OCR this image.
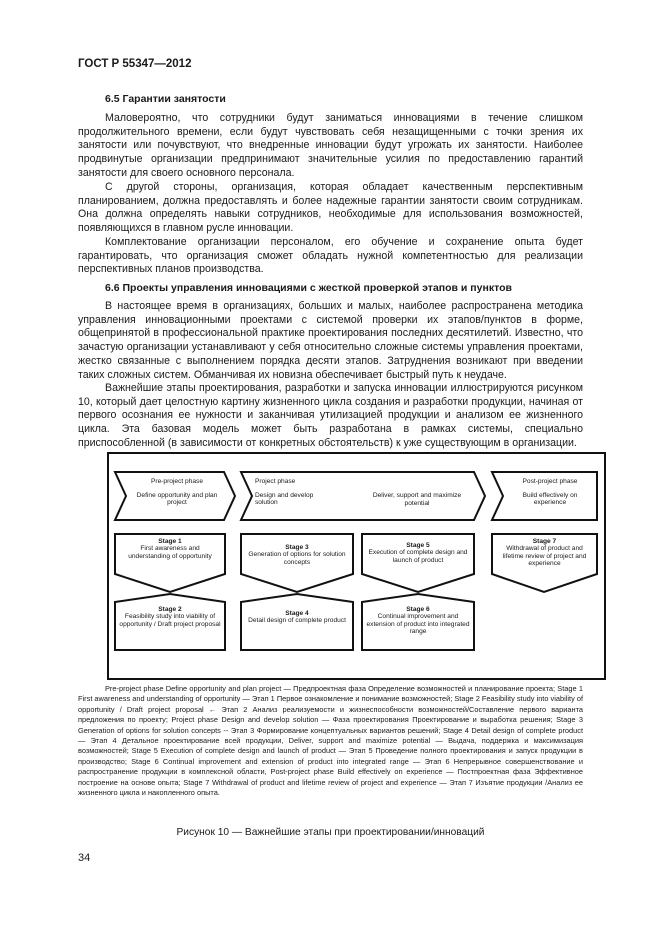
ГОСТ Р 55347—2012
6.5 Гарантии занятости

Маловероятно, что сотрудники будут заниматься инновациями в течение слишком продолжительного времени, если будут чувствовать себя незащищенными с точки зрения их занятости или почувствуют, что внедренные инновации будут угрожать их занятости. Наиболее продвинутые организации предпринимают значительные усилия по предоставлению гарантий занятости для своего основного персонала.

С другой стороны, организация, которая обладает качественным перспективным планированием, должна предоставлять и более надежные гарантии занятости своим сотрудникам. Она должна определять навыки сотрудников, необходимые для использования возможностей, появляющихся в главном русле инновации.

Комплектование организации персоналом, его обучение и сохранение опыта будет гарантировать, что организация сможет обладать нужной компетентностью для реализации перспективных планов производства.

6.6 Проекты управления инновациями с жесткой проверкой этапов и пунктов

В настоящее время в организациях, больших и малых, наиболее распространена методика управления инновационными проектами с системой проверки их этапов/пунктов в форме, общепринятой в профессиональной практике проектирования последних десятилетий. Известно, что зачастую организации устанавливают у себя относительно сложные системы управления проектами, жестко связанные с выполнением порядка десяти этапов. Затруднения возникают при введении таких сложных систем. Обманчивая их новизна обеспечивает быстрый путь к неудаче.

Важнейшие этапы проектирования, разработки и запуска инновации иллюстрируются рисунком 10, который дает целостную картину жизненного цикла создания и разработки продукции, начиная от первого осознания ее нужности и заканчивая утилизацией продукции и анализом ее жизненного цикла. Эта базовая модель может быть разработана в рамках системы, специально приспособленной (в зависимости от конкретных обстоятельств) к уже существующим в организации.

Pre-project phase
Define opportunity and plan project
Project phase
Design and develop solution
Deliver, support and maximize potential
Post-project phase
Build effectively on experience
Stage 1
First awareness and understanding of opportunity
Stage 3
Generation of options for solution concepts
Stage 5
Execution of complete design and launch of product
Stage 7
Withdrawal of product and lifetime review of project and experience
Stage 2
Feasibility study into viability of opportunity / Draft project proposal
Stage 4
Detail design of complete product
Stage 6
Continual improvement and extension of product into integrated range

Pre-project phase Define opportunity and plan project — Предпроектная фаза Определение возможностей и планирование проекта; Stage 1 First awareness and understanding of opportunity — Этап 1 Первое ознакомление и понимание возможностей; Stage 2 Feasibility study into viability of opportunity / Draft project proposal ← Этап 2 Анализ реализуемости и жизнеспособности возможностей/Составление первого варианта предложения по проекту; Project phase Design and develop solution — Фаза проектирования Проектирование и выработка решения; Stage 3 Generation of options for solution concepts -- Этап 3 Формирование концептуальных вариантов решений; Stage 4 Detail design of complete product — Этап 4 Детальное проектирование всей продукции, Deliver, support and maximize potential — Выдача, поддержка и максимизация возможностей; Stage 5 Execution of complete design and launch of product — Этап 5 Проведение полного проектирования и запуск продукции в производство; Stage 6 Continual improvement and extension of product into integrated range — Этап 6 Непрерывное совершенствование и распространение продукции в комплексной области, Post-project phase Build effectively on experience — Постпроектная фаза Эффективное построение на основе опыта; Stage 7 Withdrawal of product and lifetime review of project and experience — Этап 7 Изъятие продукции /Анализ ее жизненного цикла и накопленного опыта.

Рисунок 10 — Важнейшие этапы при проектировании/инноваций
34
